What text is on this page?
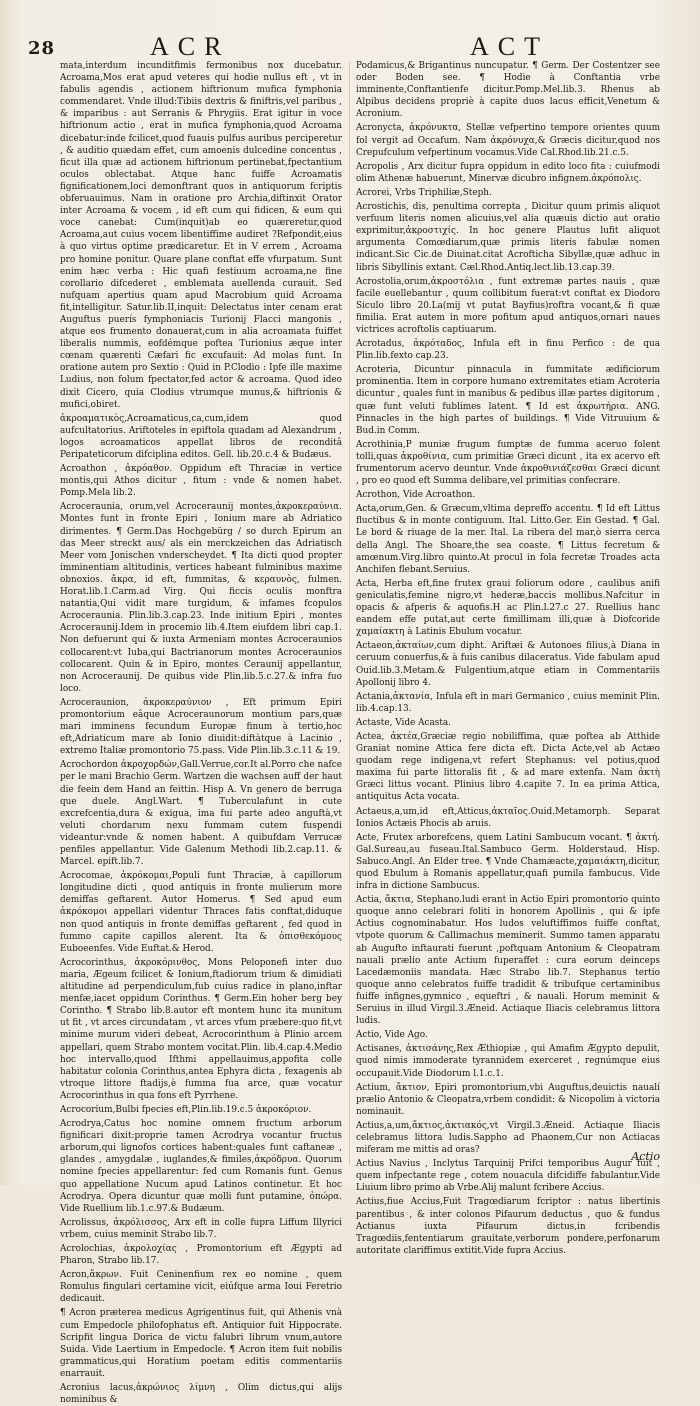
28	ACR	ACT

mata,interdum incunditfimis fermonibus nox ducebatur. Acroama,Mos erat apud veteres qui hodie nullus eft , vt in fabulis agendis , actionem hiftrionum mufica fymphonia commendaret. Vnde illud:Tibiis dextris & finiftris,vel paribus , & imparibus : aut Serranis & Phrygiis. Erat igitur in voce hiftrionum actio , erat in mufica fymphonia,quod Acroama dicebatur:inde fcilicet,quod fuauis pulfus auribus perciperetur , & auditio quædam effet, cum amoenis dulcedine concentus , ficut illa quæ ad actionem hiftrionum pertinebat,fpectantium oculos oblectabat. Atque hanc fuiffe Acroamatis fignificationem,loci demonftrant quos in antiquorum fcriptis obferuauimus. Nam in oratione pro Archia,diftinxit Orator inter Acroama & vocem , id eft cum qui fidicen, & eum qui voce canebat: Cum(inquit)ab eo quæreretur,quod Acroama,aut cuius vocem libentiffime audiret ?Refpondit,eius à quo virtus optime prædicaretur. Et in V errem , Acroama pro homine ponitur. Quare plane conftat effe vfurpatum. Sunt enim hæc verba : Hic quafi festiuum acroama,ne fine corollario difcederet , emblemata auellenda curauit. Sed nufquam apertius quam apud Macrobium quid Acroama fit,intelligitur. Satur.lib.II,inquit: Delectatus inter cenam erat Auguftus puerís fymphoniacis Turionij Flacci mangonis , atque eos frumento donauerat,cum in alia acroamata fuiffet liberalis nummis, eofdémque poftea Turionius æque inter cœnam quærenti Cæfari fic excufauit: Ad molas funt. In oratione autem pro Sextio : Quid in P.Clodio : Ipfe ille maxime Ludius, non folum fpectator,fed actor & acroama. Quod ideo dixit Cicero, quia Clodius vtrumque munus,& hiftrionis & mufici,obiret.

ἀκροαματικὸς,Acroamaticus,ca,cum,idem quod aufcultatorius. Ariftoteles in epiftola quadam ad Alexandrum , logos acroamaticos appellat libros de reconditâ Peripateticorum difciplina editos. Gell. lib.20.c.4 & Budæus.

Acroathon , ἀκρόαθον. Oppidum eft Thraciæ in vertice montis,qui Athos dicitur , fitum : vnde & nomen habet. Pomp.Mela lib.2.

Acroceraunia, orum,vel Acroceraunij montes,ἀκροκεραύνια. Montes funt in fronte Epiri , Ionium mare ab Adriatico dirimentes. ¶ Germ.Das Hochgebürg / so durch Epirum an das Meer streckt aus/ als ein merckzeichen das Adriatisch Meer vom Jonischen vnderscheydet. ¶ Ita dicti quod propter imminentiam altitudinis, vertices habeant fulminibus maxime obnoxios. ἄκρα, id eft, fummitas, & κεραυνὸς, fulmen. Horat.lib.1.Carm.ad Virg. Qui ficcis oculis monftra natantia,Qui vidit mare turgidum, & infames fcopulos Acroceraunia. Plin.lib.3.cap.23. Inde initium Epiri , montes Acroceraunij.Idem in procemio lib.4.Item eiufdem libri cap.1. Non defuerunt qui & iuxta Armeniam montes Acroceraunios collocarent:vt Iuba,qui Bactrianorum montes Acroceraunios collocarent. Quin & in Epiro, montes Ceraunij appellantur, non Acroceraunij. De quibus vide Plin.lib.5.c.27.& infra fuo loco.

Acroceraunion, ἀκροκεραύνιον , Eft primum Epiri promontorium eâque Acroceraunorum montium pars,quæ mari imminens fecundum Europæ finum à tertio,hoc eft,Adriaticum mare ab Ionio diuidit:diftàtque à Lacinio , extremo Italiæ promontorio 75.pass. Vide Plin.lib.3.c.11 & 19.

Acrochordon ἀκροχορδών,Gall.Verrue,cor.It al.Porro che nafce per le mani Brachio Germ. Wartzen die wachsen auff der haut die feein dem Hand an feittin. Hisp A. Vn genero de berruga que duele. Angl.Wart. ¶ Tuberculafunt in cute excrefcentia,dura & exigua, ima fui parte adeo anguftà,vt veluti chordarum nexu fummam cutem fuspendi videantur:vnde & nomen habent. A quibufdam Verrucæ penfiles appellantur. Vide Galenum Methodi lib.2.cap.11. & Marcel. epift.lib.7.

Acrocomae, ἀκρόκομαι,Populi funt Thraciæ, à capillorum longitudine dicti , quod antiquis in fronte mulierum more demiffas geftarent. Autor Homerus. ¶ Sed apud eum ἀκρόκομοι appellari videntur Thraces fatis conftat,diduque non quod antiquis in fronte demiffas geftarent , fed quod in fummo capite capillos alerent. Ita & ὀπισθεκόμους Euboeenfes. Vide Euftat.& Herod.

Acrocorinthus, ἀκροκόρινθος, Mons Peloponefi inter duo maria, Ægeum fcilicet & Ionium,ftadiorum trium & dimidiati altitudine ad perpendiculum,fub cuius radice in plano,inftar menfæ,iacet oppidum Corinthus. ¶ Germ.Ein hoher berg bey Corintho. ¶ Strabo lib.8.autor eft montem hunc ita munitum ut fit , vt arces circundatam , vt arces vfum præbere:quo fit,vt minime murum videri debeat, Acrocorinthum à Plinio arcem appellari, quem Strabo montem vocitat.Plin. lib.4.cap.4.Medio hoc intervallo,quod Ifthmi appellauimus,appofita colle habitatur colonia Corinthus,antea Ephyra dicta , fexagenis ab vtroque littore ftadijs,è fumma fua arce, quæ vocatur Acrocorinthus in qua fons eft Pyrrhene.

Acrocorium,Bulbi fpecies eft,Plin.lib.19.c.5 ἀκροκόριον.

Acrodrya,Catus hoc nomine omnem fructum arborum fignificari dixit:proprie tamen Acrodrya vocantur fructus arborum,qui lignofos cortices habent:quales funt caftaneæ , glandes , amygdalæ , iuglandes,& fimiles,ἀκρόδρυα. Quorum nomine fpecies appellarentur: fed cum Romanis funt. Genus quo appellatione Nucum apud Latinos continetur. Et hoc Acrodrya. Opera dicuntur quæ molli funt putamine, ὀπώρα. Vide Ruellium lib.1.c.97.& Budæum.

Acrolissus, ἀκρόλισσος, Arx eft in colle fupra Liffum Illyrici vrbem, cuius meminit Strabo lib.7.

Acrolochias, ἀκρολοχίας , Promontorium eft Ægypti ad Pharon, Strabo lib.17.

Acron,ἄκρων. Fuit Ceninenfium rex eo nomine , quem Romulus fingulari certamine vicit, eiúfque arma Ioui Feretrio dedicauit.

¶ Acron præterea medicus Agrigentinus fuit, qui Athenis vnà cum Empedocle philofophatus eft. Antiquior fuit Hippocrate. Scripfit lingua Dorica de victu falubri librum vnum,autore Suida. Vide Laertium in Empedocle. ¶ Acron item fuit nobilis grammaticus,qui Horatium poetam editis commentariis enarrauit.

Acronius lacus,ἀκρώνιος λίμνη , Olim dictus,qui alijs nominibus &

Podamicus,& Brigantinus nuncupatur. ¶ Germ. Der Costentzer see oder Boden see. ¶ Hodie à Conftantia vrbe imminente,Conftantienfe dicitur.Pomp.Mel.lib.3. Rhenus ab Alpibus decidens propriè à capite duos lacus efficit,Venetum & Acronium.

Acronycta, ἀκρόνυκτα, Stellæ vefpertino tempore orientes quum fol vergit ad Occafum. Nam ἀκρόνυχα,& Græcis dicitur,quod nos Crepufculum vefpertinum vocamus.Vide Cal.Rhod.lib.21.c.5.

Acropolis , Arx dicitur fupra oppidum in edito loco fita : cuiufmodi olim Athenæ habuerunt, Minervæ dicubro infignem.ἀκρόπολις.

Acrorei, Vrbs Triphiliæ,Steph.

Acrostichis, dis, penultima correpta , Dicitur quum primis aliquot verfuum literis nomen alicuius,vel alia quæuis dictio aut oratio exprimitur,ἀκροστιχίς. In hoc genere Plautus lufit aliquot argumenta Comœdiarum,quæ primis literis fabulæ nomen indicant.Sic Cic.de Diuinat.citat Acrofticha Sibyllæ,quæ adhuc in libris Sibyllinis extant. Cæl.Rhod.Antiq.lect.lib.13.cap.39.

Acrostolia,orum,ἀκροστόλια , funt extremæ partes nauis , quæ facile euellebantur , quum collibitum fuerat:vt conftat ex Diodoro Siculo libro 20.La(mij vt putat Bayfius)roftra vocant,& fi quæ fimilia. Erat autem in more pofitum apud antiquos,ornari naues victrices acroftolis captiuarum.

Acrotadus, ἀκρόταδος, Infula eft in finu Perfico : de qua Plin.lib.fexto cap.23.

Acroteria, Dicuntur pinnacula in fummitate ædificiorum prominentia. Item in corpore humano extremitates etiam Acroteria dicuntur , quales funt in manibus & pedibus illæ partes digitorum , quæ funt veluti fublimes latent. ¶ Id est ἀκρωτήρια. ANG. Pinnacles in the high partes of buildings. ¶ Vide Vitruuium & Bud.in Comm.

Acrothinia,P muniæ frugum fumptæ de fumma aceruo folent tolli,quas ἀκροθίνια, cum primitiæ Græci dicunt , ita ex acervo eft frumentorum acervo deuntur. Vnde ἀκροθινιάζεσθαι Græci dicunt , pro eo quod eft Summa delibare,vel primitias confecrare.

Acrothon, Vide Acroathon.

Acta,orum,Gen. & Græcum,vltima depreffo accentu. ¶ Id eft Littus fluctibus & in monte contiguum. Ital. Litto.Ger. Ein Gestad. ¶ Gal. Le bord & riuage de la mer. Ital. La ribera del mar,ò sierra cerca della Angl. The Shoare,the sea coaste. ¶ Littus fecretum & amœnum.Virg.libro quinto.At procul in fola fecretæ Troades acta Anchifen flebant.Seruius.

Acta, Herba eft,fine frutex graui foliorum odore , caulibus anifi geniculatis,femine nigro,vt hederæ,baccis mollibus.Nafcitur in opacis & afperis & aquofis.H ac Plin.l.27.c 27. Ruellius hanc eandem effe putat,aut certe fimillimam illi,quæ à Diofcoride χαμαίακτη à Latinis Ebulum vocatur.

Actaeon,ἀκταίων,cum dipht. Ariftæi & Autonoes filius,à Diana in ceruum conuerfus,& à fuis canibus dilaceratus. Vide fabulam apud Ouid.lib.3.Metam.& Fulgentium,atque etiam in Commentariis Apollonij libro 4.

Actania,ἀκτανία, Infula eft in mari Germanico , cuius meminit Plin. lib.4.cap.13.

Actaste, Vide Acasta.

Actea, ἀκτέα,Græciæ regio nobiliffima, quæ poftea ab Atthide Graniat nomine Attica fere dicta eft. Dicta Acte,vel ab Actæo quodam rege indigena,vt refert Stephanus: vel potius,quod maxima fui parte littoralis fit , & ad mare extenfa. Nam ἀκτὴ Græci littus vocant. Plinius libro 4.capite 7. In ea prima Attica, antiquitus Acta vocata.

Actaeus,a,um,id eft,Atticus,ἀκταῖος.Ouid.Metamorph. Separat Ionios Actæis Phocis ab aruis.

Acte, Frutex arborefcens, quem Latini Sambucum vocant. ¶ ἀκτή. Gal.Sureau,au fuseau.Ital.Sambuco Germ. Holderstaud. Hisp. Sabuco.Angl. An Elder tree. ¶ Vnde Chamæacte,χαμαιάκτη,dicitur, quod Ebulum à Romanis appellatur,quafi pumila fambucus. Vide infra in dictione Sambucus.

Actia, ἄκτια, Stephano.ludi erant in Actio Epiri promontorio quinto quoque anno celebrari foliti in honorem Apollinis , qui & ipfe Actius cognominabatur. Hos ludos veluftiffimos fuiffe conftat, vtpote quorum & Callimachus meminerit. Summo tamen apparatu ab Augufto inftaurati fuerunt ,poftquam Antonium & Cleopatram nauali prælio ante Actium fuperaffet : cura eorum deinceps Lacedæmoniis mandata. Hæc Strabo lib.7. Stephanus tertio quoque anno celebratos fuiffe tradidit & tribufque certaminibus fuiffe infignes,gymnico , equeftri , & nauali. Horum meminit & Seruius in illud Virgil.3.Æneid. Actiaque Iliacis celebramus littora ludis.

Actio, Vide Ago.

Actisanes, ἀκτισάνης,Rex Æthiopiæ , qui Amafim Ægypto depulit, quod nimis immoderate tyrannidem exerceret , regnúmque eius occupauit.Vide Diodorum l.1.c.1.

Actium, ἄκτιον, Epiri promontorium,vbi Auguftus,deuictis naualí prælio Antonio & Cleopatra,vrbem condidit: & Nicopolim à victoria nominauit.

Actius,a,um,ἄκτιος,ἀκτιακός,vt Virgil.3.Æneid. Actiaque Iliacis celebramus littora ludis.Sappho ad Phaonem,Cur non Actiacas miferam me mittis ad oras?

Actius Navius , Inclytus Tarquinij Prifci temporibus Augur fuit , quem infpectante rege , cotem nouacula difcidiffe fabulantur.Vide Liuium libro primo ab Vrbe.Alij malunt fcribere Accius.

Actius,fiue Accius,Fuit Tragœdiarum fcriptor : natus libertinis parentibus , & inter colonos Pifaurum deductus , quo & fundus Actianus iuxta Pifaurum dictus,in fcribendis Tragœdiis,fententiarum grauitate,verborum pondere,perfonarum autoritate clariffimus extitit.Vide fupra Accius.

Actio
